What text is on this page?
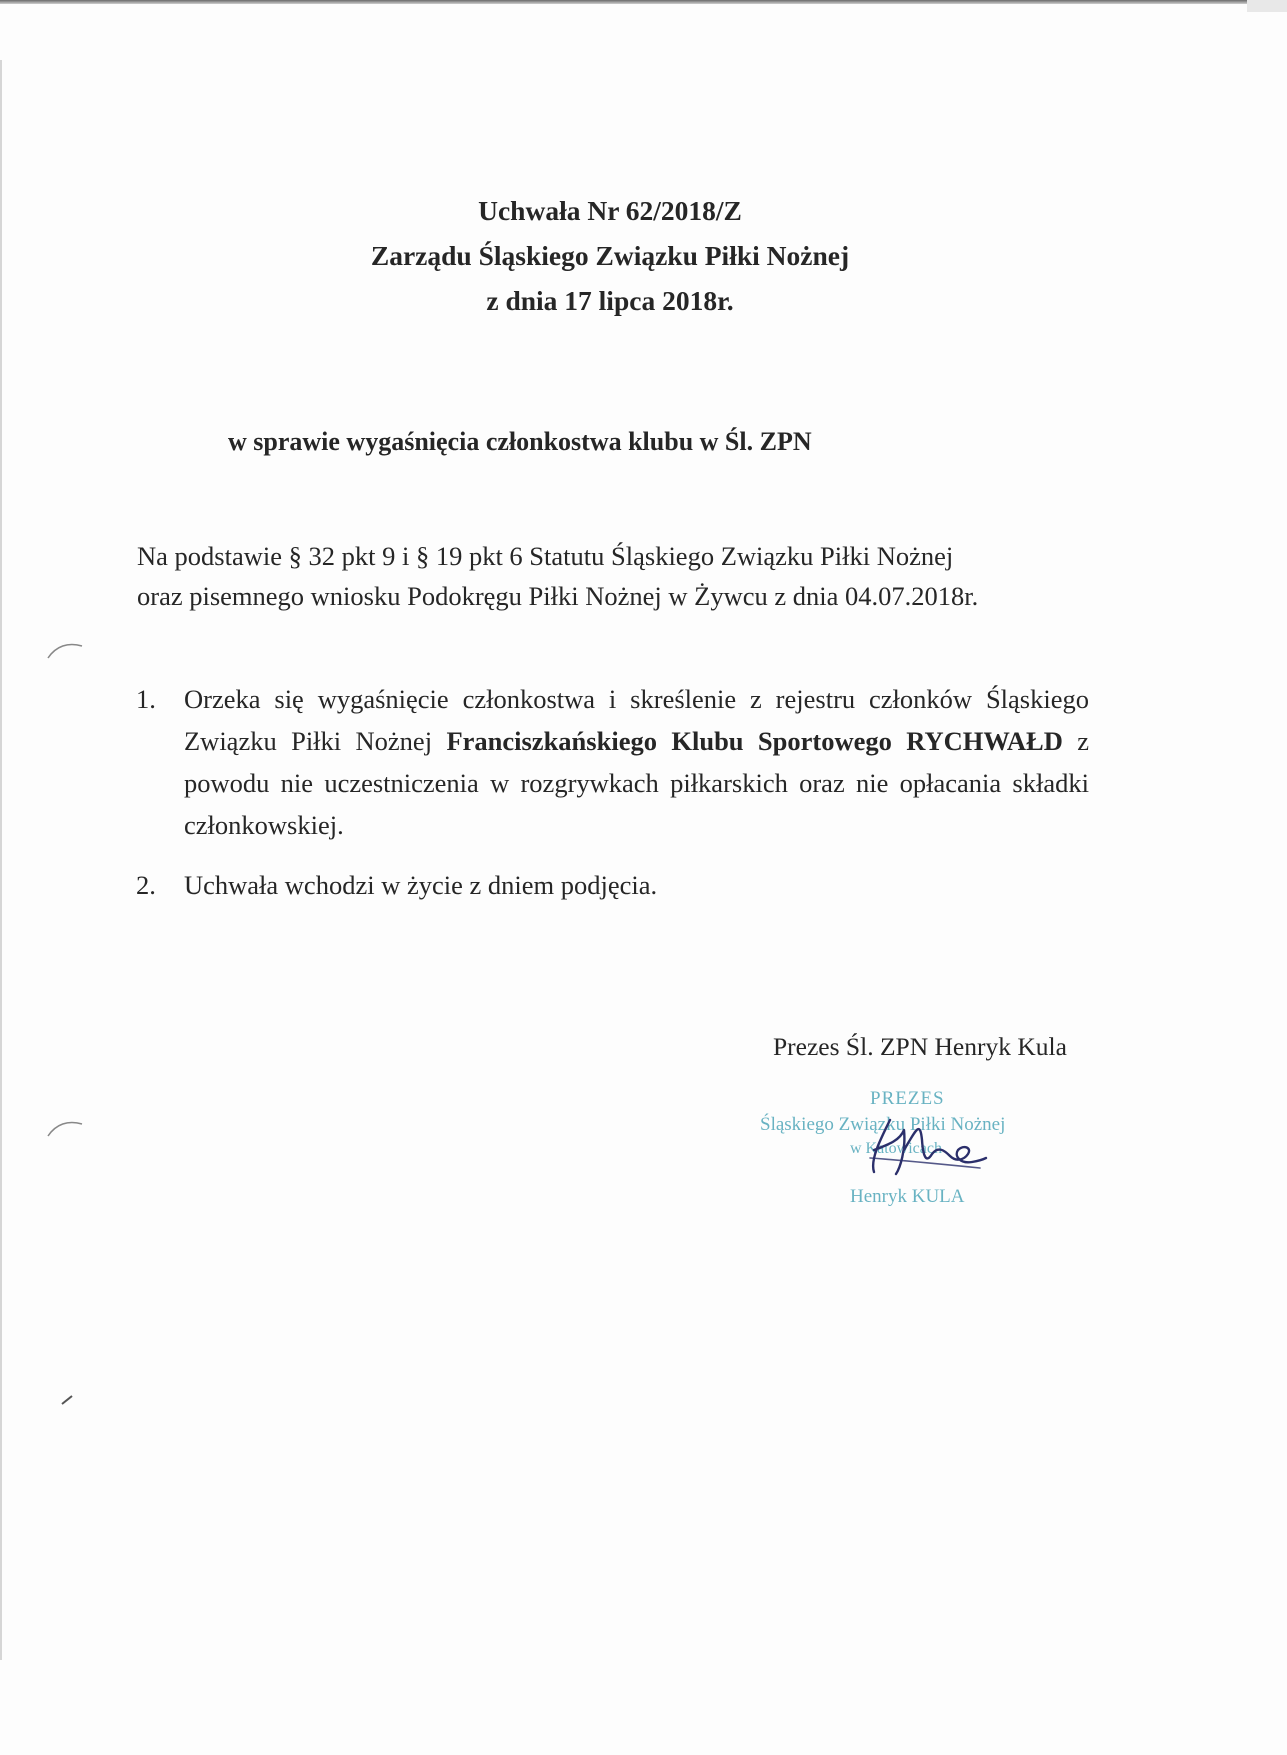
Uchwała Nr 62/2018/Z
Zarządu Śląskiego Związku Piłki Nożnej
z dnia 17 lipca 2018r.
w sprawie wygaśnięcia członkostwa klubu w Śl. ZPN
Na podstawie § 32 pkt 9 i § 19 pkt 6 Statutu Śląskiego Związku Piłki Nożnej
oraz pisemnego wniosku Podokręgu Piłki Nożnej w Żywcu z dnia 04.07.2018r.
1.	Orzeka się wygaśnięcie członkostwa i skreślenie z rejestru członków Śląskiego Związku Piłki Nożnej Franciszkańskiego Klubu Sportowego RYCHWAŁD z powodu nie uczestniczenia w rozgrywkach piłkarskich oraz nie opłacania składki członkowskiej.
2.	Uchwała wchodzi w życie z dniem podjęcia.
Prezes Śl. ZPN Henryk Kula
PREZES
Śląskiego Związku Piłki Nożnej
w Katowicach
Henryk KULA
